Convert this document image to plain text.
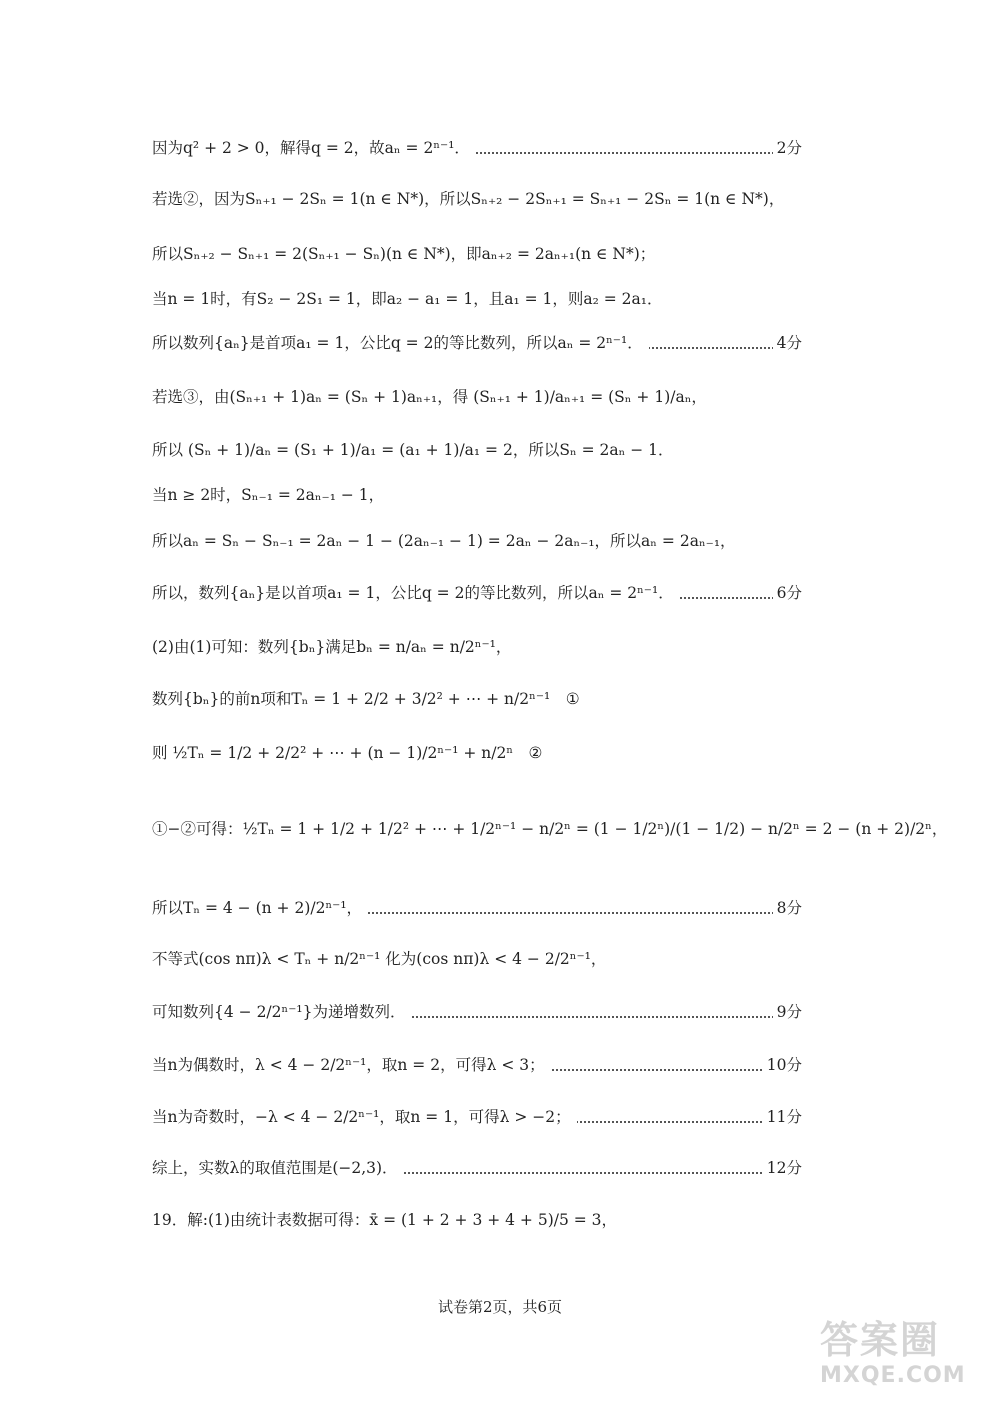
因为q² + 2 > 0，解得q = 2，故aₙ = 2ⁿ⁻¹．	2分
若选②，因为Sₙ₊₁ − 2Sₙ = 1(n ∈ N*)，所以Sₙ₊₂ − 2Sₙ₊₁ = Sₙ₊₁ − 2Sₙ = 1(n ∈ N*)，
所以Sₙ₊₂ − Sₙ₊₁ = 2(Sₙ₊₁ − Sₙ)(n ∈ N*)，即aₙ₊₂ = 2aₙ₊₁(n ∈ N*)；
当n = 1时，有S₂ − 2S₁ = 1，即a₂ − a₁ = 1，且a₁ = 1，则a₂ = 2a₁．
所以数列{aₙ}是首项a₁ = 1，公比q = 2的等比数列，所以aₙ = 2ⁿ⁻¹．	4分
若选③，由(Sₙ₊₁ + 1)aₙ = (Sₙ + 1)aₙ₊₁，得 (Sₙ₊₁ + 1)/aₙ₊₁ = (Sₙ + 1)/aₙ，
所以 (Sₙ + 1)/aₙ = (S₁ + 1)/a₁ = (a₁ + 1)/a₁ = 2，所以Sₙ = 2aₙ − 1．
当n ≥ 2时，Sₙ₋₁ = 2aₙ₋₁ − 1，
所以aₙ = Sₙ − Sₙ₋₁ = 2aₙ − 1 − (2aₙ₋₁ − 1) = 2aₙ − 2aₙ₋₁，所以aₙ = 2aₙ₋₁，
所以，数列{aₙ}是以首项a₁ = 1，公比q = 2的等比数列，所以aₙ = 2ⁿ⁻¹．	6分
(2)由(1)可知：数列{bₙ}满足bₙ = n/aₙ = n/2ⁿ⁻¹，
数列{bₙ}的前n项和Tₙ = 1 + 2/2 + 3/2² + ⋯ + n/2ⁿ⁻¹　①
则 ½Tₙ = 1/2 + 2/2² + ⋯ + (n − 1)/2ⁿ⁻¹ + n/2ⁿ　②
①−②可得：½Tₙ = 1 + 1/2 + 1/2² + ⋯ + 1/2ⁿ⁻¹ − n/2ⁿ = (1 − 1/2ⁿ)/(1 − 1/2) − n/2ⁿ = 2 − (n + 2)/2ⁿ，
所以Tₙ = 4 − (n + 2)/2ⁿ⁻¹，	8分
不等式(cos nπ)λ < Tₙ + n/2ⁿ⁻¹ 化为(cos nπ)λ < 4 − 2/2ⁿ⁻¹，
可知数列{4 − 2/2ⁿ⁻¹}为递增数列．	9分
当n为偶数时，λ < 4 − 2/2ⁿ⁻¹，取n = 2，可得λ < 3；	10分
当n为奇数时，−λ < 4 − 2/2ⁿ⁻¹，取n = 1，可得λ > −2；	11分
综上，实数λ的取值范围是(−2,3)．	12分
19．解:(1)由统计表数据可得：x̄ = (1 + 2 + 3 + 4 + 5)/5 = 3，
试卷第2页，共6页
答案圈
MXQE.COM
